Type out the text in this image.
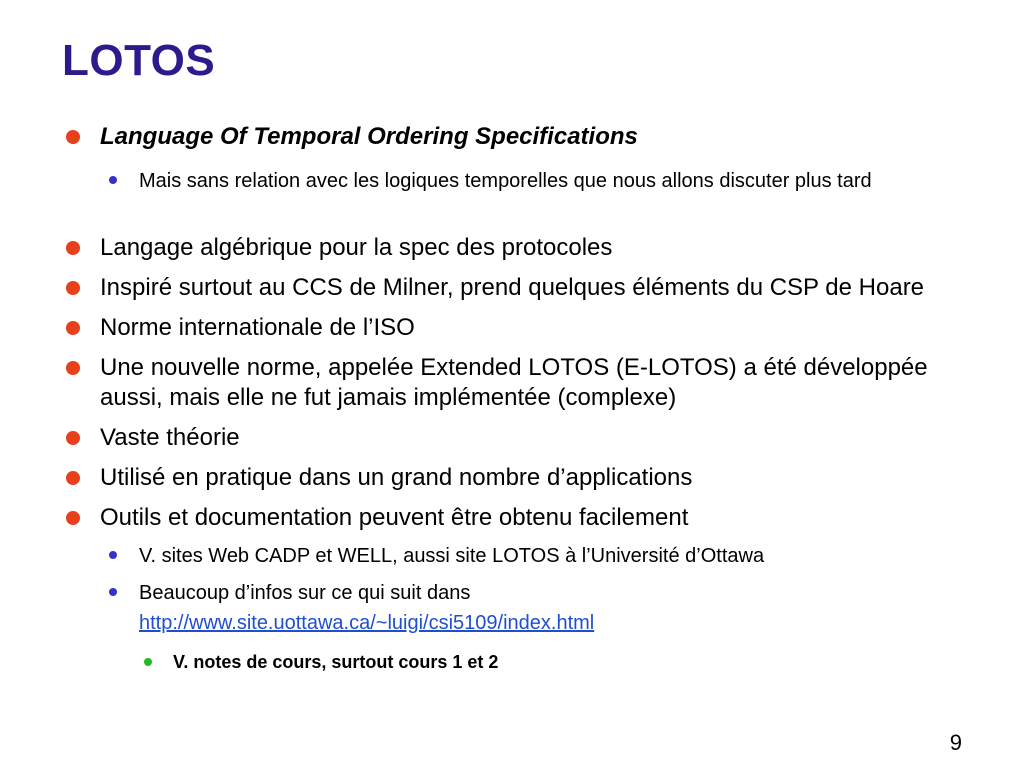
LOTOS
Language Of Temporal Ordering Specifications
Mais sans relation avec les logiques temporelles que nous allons discuter plus tard
Langage algébrique pour la spec des protocoles
Inspiré surtout au CCS de Milner, prend quelques éléments du CSP de Hoare
Norme internationale de l’ISO
Une nouvelle norme, appelée Extended LOTOS (E-LOTOS) a été développée aussi, mais elle ne fut jamais implémentée (complexe)
Vaste théorie
Utilisé en pratique dans un grand nombre d’applications
Outils et documentation peuvent être obtenu facilement
V. sites Web CADP et WELL, aussi site LOTOS à l’Université d’Ottawa
Beaucoup d’infos sur ce qui suit dans
http://www.site.uottawa.ca/~luigi/csi5109/index.html
V. notes de cours, surtout cours 1 et 2
9
